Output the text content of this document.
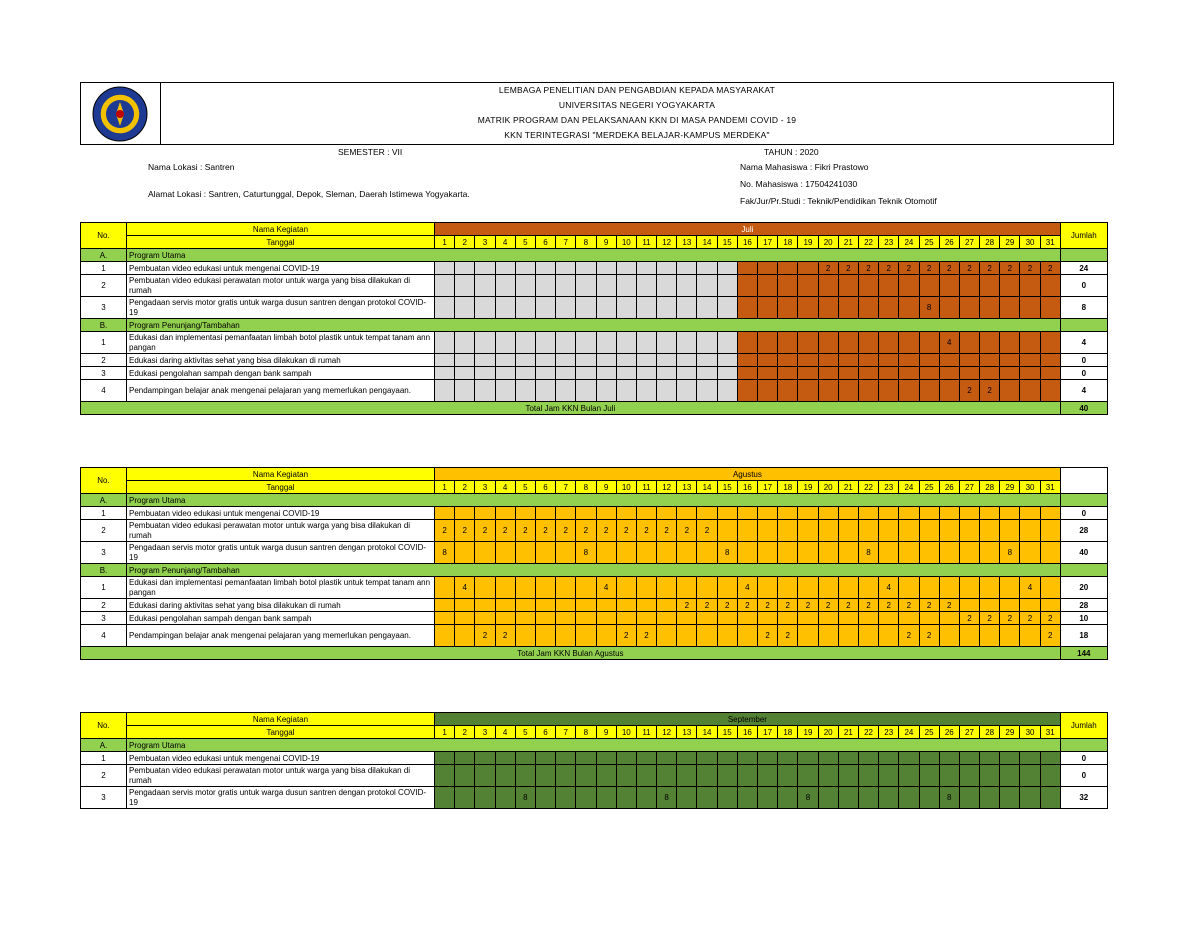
LEMBAGA PENELITIAN DAN PENGABDIAN KEPADA MASYARAKAT
UNIVERSITAS NEGERI YOGYAKARTA
MATRIK PROGRAM DAN PELAKSANAAN KKN DI MASA PANDEMI COVID - 19
KKN TERINTEGRASI "MERDEKA BELAJAR-KAMPUS MERDEKA"
SEMESTER : VII	TAHUN : 2020
Nama Lokasi : Santren
Alamat Lokasi : Santren, Caturtunggal, Depok, Sleman, Daerah Istimewa Yogyakarta.
Nama Mahasiswa : Fikri Prastowo
No. Mahasiswa : 17504241030
Fak/Jur/Pr.Studi : Teknik/Pendidikan Teknik Otomotif
No.	Nama Kegiatan	Juli																															Jumlah
	Tanggal	1	2	3	4	5	6	7	8	9	10	11	12	13	14	15	16	17	18	19	20	21	22	23	24	25	26	27	28	29	30	31	
A.	Program Utama																																
1	Pembuatan video edukasi untuk mengenai COVID-19																				2	2	2	2	2	2	2	2	2	2	2	2	24
2	Pembuatan video edukasi perawatan motor untuk warga yang bisa dilakukan di rumah																																0
3	Pengadaan servis motor gratis untuk warga dusun santren dengan protokol COVID-19																									8							8
B.	Program Penunjang/Tambahan																																
1	Edukasi dan implementasi pemanfaatan limbah botol plastik untuk tempat tanam ann pangan																										4						4
2	Edukasi daring aktivitas sehat yang bisa dilakukan di rumah																																0
3	Edukasi pengolahan sampah dengan bank sampah																																0
4	Pendampingan belajar anak mengenai pelajaran yang memerlukan pengayaan.																											2	2				4
Total Jam KKN Bulan Juli																																	40
No.	Nama Kegiatan	Agustus																															
	Tanggal	1	2	3	4	5	6	7	8	9	10	11	12	13	14	15	16	17	18	19	20	21	22	23	24	25	26	27	28	29	30	31	
A.	Program Utama																																
1	Pembuatan video edukasi untuk mengenai COVID-19																																0
2	Pembuatan video edukasi perawatan motor untuk warga yang bisa dilakukan di rumah	2	2	2	2	2	2	2	2	2	2	2	2	2	2																		28
3	Pengadaan servis motor gratis untuk warga dusun santren dengan protokol COVID-19	8							8							8							8							8			40
B.	Program Penunjang/Tambahan																																
1	Edukasi dan implementasi pemanfaatan limbah botol plastik untuk tempat tanam ann pangan		4							4							4							4							4		20
2	Edukasi daring aktivitas sehat yang bisa dilakukan di rumah													2	2	2	2	2	2	2	2	2	2	2	2	2	2						28
3	Edukasi pengolahan sampah dengan bank sampah																											2	2	2	2	2	10
4	Pendampingan belajar anak mengenai pelajaran yang memerlukan pengayaan.			2	2						2	2						2	2						2	2						2	18
Total Jam KKN Bulan Agustus																																	144
No.	Nama Kegiatan	September																															Jumlah
	Tanggal	1	2	3	4	5	6	7	8	9	10	11	12	13	14	15	16	17	18	19	20	21	22	23	24	25	26	27	28	29	30	31	
A.	Program Utama																																
1	Pembuatan video edukasi untuk mengenai COVID-19																																0
2	Pembuatan video edukasi perawatan motor untuk warga yang bisa dilakukan di rumah																																0
3	Pengadaan servis motor gratis untuk warga dusun santren dengan protokol COVID-19					8							8							8							8						32
